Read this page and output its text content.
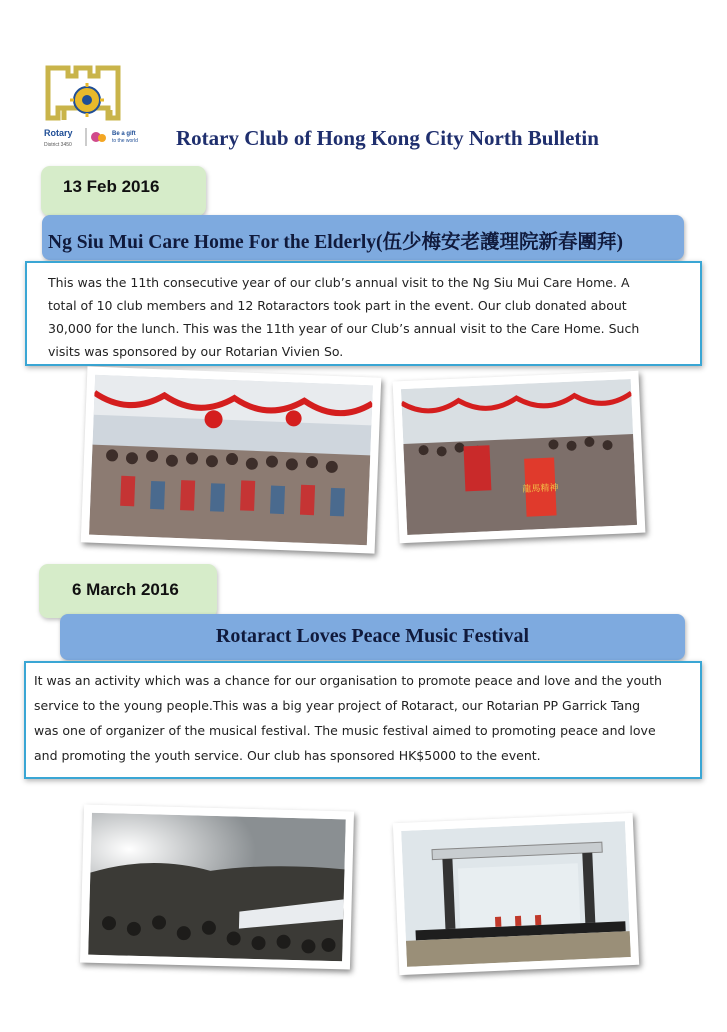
Rotary
District 3450
Be a gift
to the world Rotary Club of Hong Kong City North Bulletin
13 Feb 2016
Ng Siu Mui Care Home For the Elderly(伍少梅安老護理院新春團拜)
This was the 11th consecutive year of our club’s annual visit to the Ng Siu Mui Care Home. A
total of 10 club members and 12 Rotaractors took part in the event. Our club donated about
30,000 for the lunch. This was the 11th year of our Club’s annual visit to the Care Home. Such
visits was sponsored by our Rotarian Vivien So.
龍馬精神
6 March 2016
Rotaract Loves Peace Music Festival
It was an activity which was a chance for our organisation to promote peace and love and the youth
service to the young people.This was a big year project of Rotaract, our Rotarian PP Garrick Tang
was one of organizer of the musical festival. The music festival aimed to promoting peace and love
and promoting the youth service. Our club has sponsored HK$5000 to the event.
